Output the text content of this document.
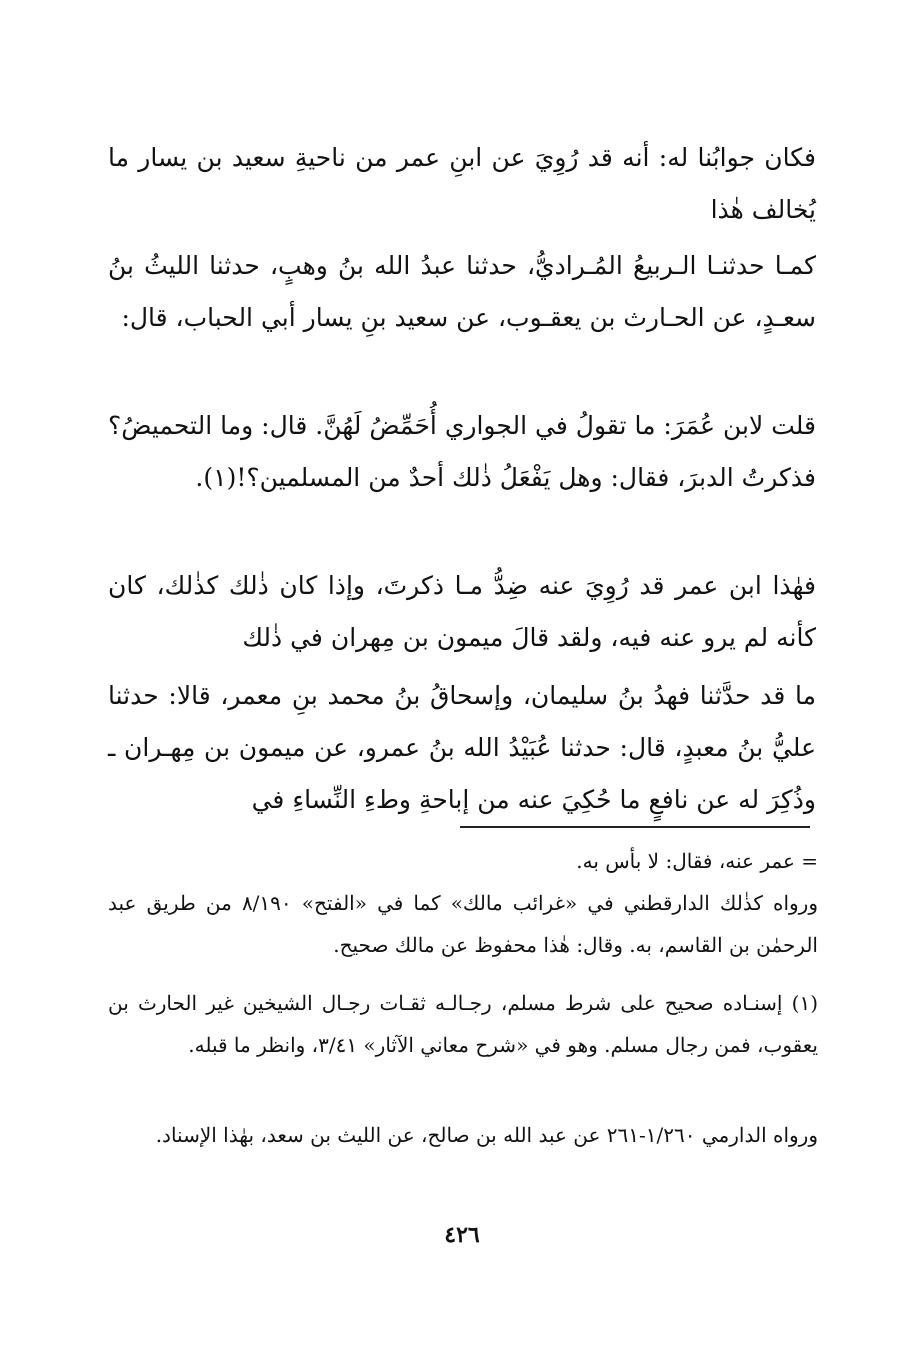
فكان جوابُنا له: أنه قد رُوِيَ عن ابنِ عمر من ناحيةِ سعيد بن يسار ما يُخالف هٰذا

كمـا حدثنـا الـربيعُ المُـراديُّ، حدثنا عبدُ الله بنُ وهبٍ، حدثنا الليثُ بنُ سعـدٍ، عن الحـارث بن يعقـوب، عن سعيد بنِ يسار أبي الحباب، قال:

قلت لابن عُمَرَ: ما تقولُ في الجواري أُحَمِّضُ لَهُنَّ. قال: وما التحميضُ؟ فذكرتُ الدبرَ، فقال: وهل يَفْعَلُ ذٰلك أحدٌ من المسلمين؟!(١).

فهٰذا ابن عمر قد رُوِيَ عنه ضِدُّ مـا ذكرتَ، وإذا كان ذٰلك كذٰلك، كان كأنه لم يرو عنه فيه، ولقد قالَ ميمون بن مِهران في ذٰلك

ما قد حدَّثنا فهدُ بنُ سليمان، وإسحاقُ بنُ محمد بنِ معمر، قالا: حدثنا عليُّ بنُ معبدٍ، قال: حدثنا عُبَيْدُ الله بنُ عمرو، عن ميمون بن مِهـران ـ وذُكِرَ له عن نافعٍ ما حُكِيَ عنه من إباحةِ وطءِ النِّساءِ في

= عمر عنه، فقال: لا بأس به.

ورواه كذٰلك الدارقطني في «غرائب مالك» كما في «الفتح» ٨/١٩٠ من طريق عبد الرحمٰن بن القاسم، به. وقال: هٰذا محفوظ عن مالك صحيح.

(١) إسنـاده صحيح على شرط مسلم، رجـالـه ثقـات رجـال الشيخين غير الحارث بن يعقوب، فمن رجال مسلم. وهو في «شرح معاني الآثار» ٣/٤١، وانظر ما قبله.

ورواه الدارمي ١/٢٦٠-٢٦١ عن عبد الله بن صالح، عن الليث بن سعد، بهٰذا الإسناد.

٤٢٦
